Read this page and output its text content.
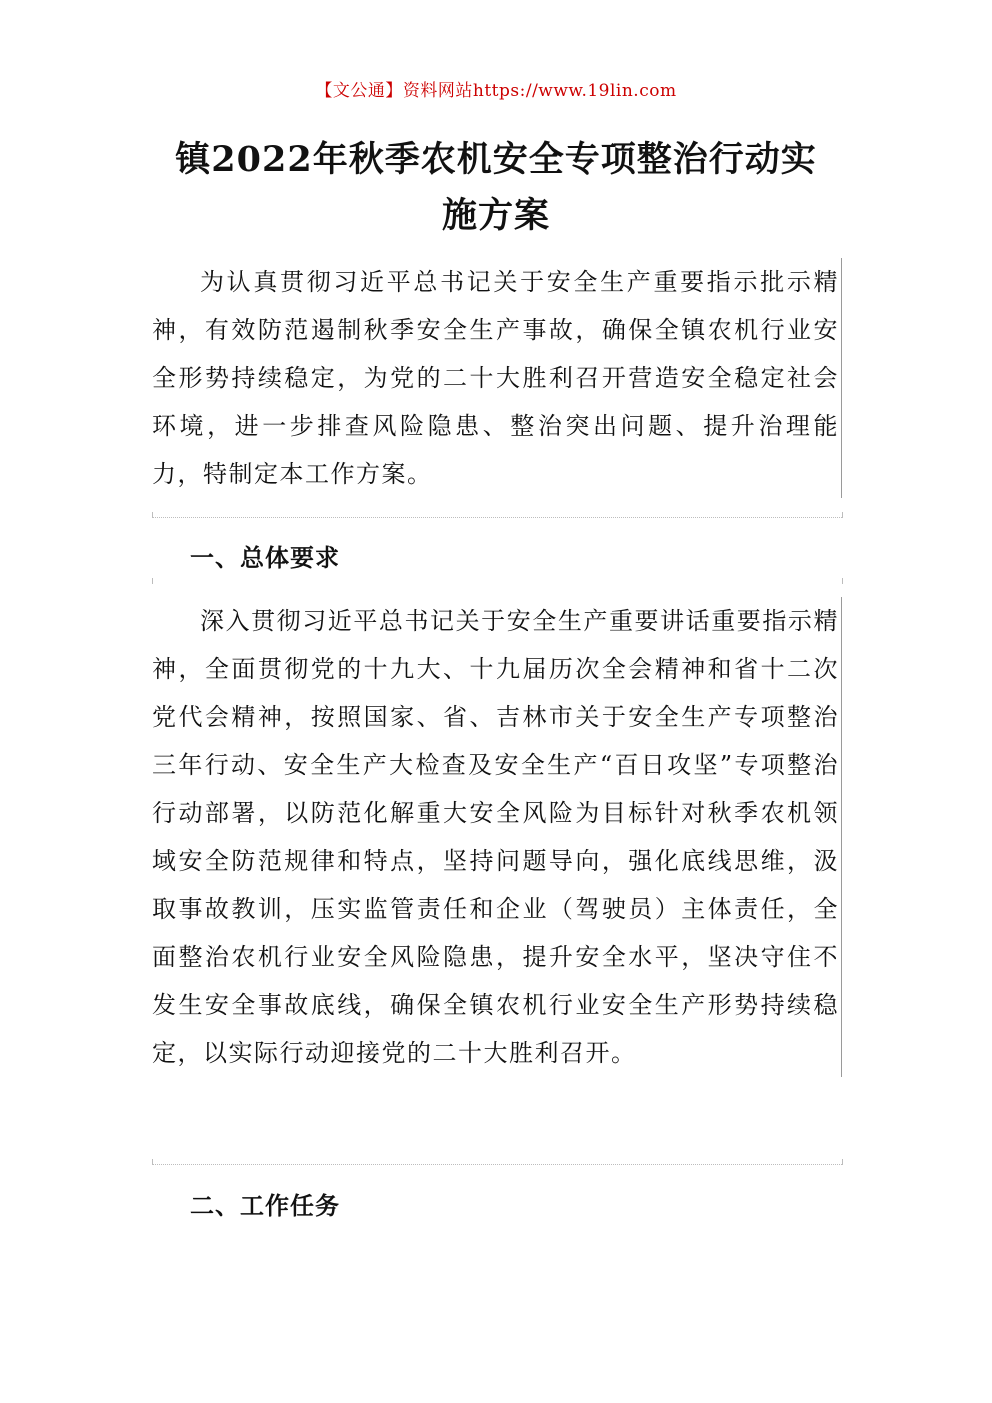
【文公通】资料网站https://www.19lin.com
镇2022年秋季农机安全专项整治行动实施方案

为认真贯彻习近平总书记关于安全生产重要指示批示精神，有效防范遏制秋季安全生产事故，确保全镇农机行业安全形势持续稳定，为党的二十大胜利召开营造安全稳定社会环境，进一步排查风险隐患、整治突出问题、提升治理能力，特制定本工作方案。

一、总体要求

深入贯彻习近平总书记关于安全生产重要讲话重要指示精神，全面贯彻党的十九大、十九届历次全会精神和省十二次党代会精神，按照国家、省、吉林市关于安全生产专项整治三年行动、安全生产大检查及安全生产“百日攻坚”专项整治行动部署，以防范化解重大安全风险为目标针对秋季农机领域安全防范规律和特点，坚持问题导向，强化底线思维，汲取事故教训，压实监管责任和企业（驾驶员）主体责任，全面整治农机行业安全风险隐患，提升安全水平，坚决守住不发生安全事故底线，确保全镇农机行业安全生产形势持续稳定，以实际行动迎接党的二十大胜利召开。

二、工作任务
